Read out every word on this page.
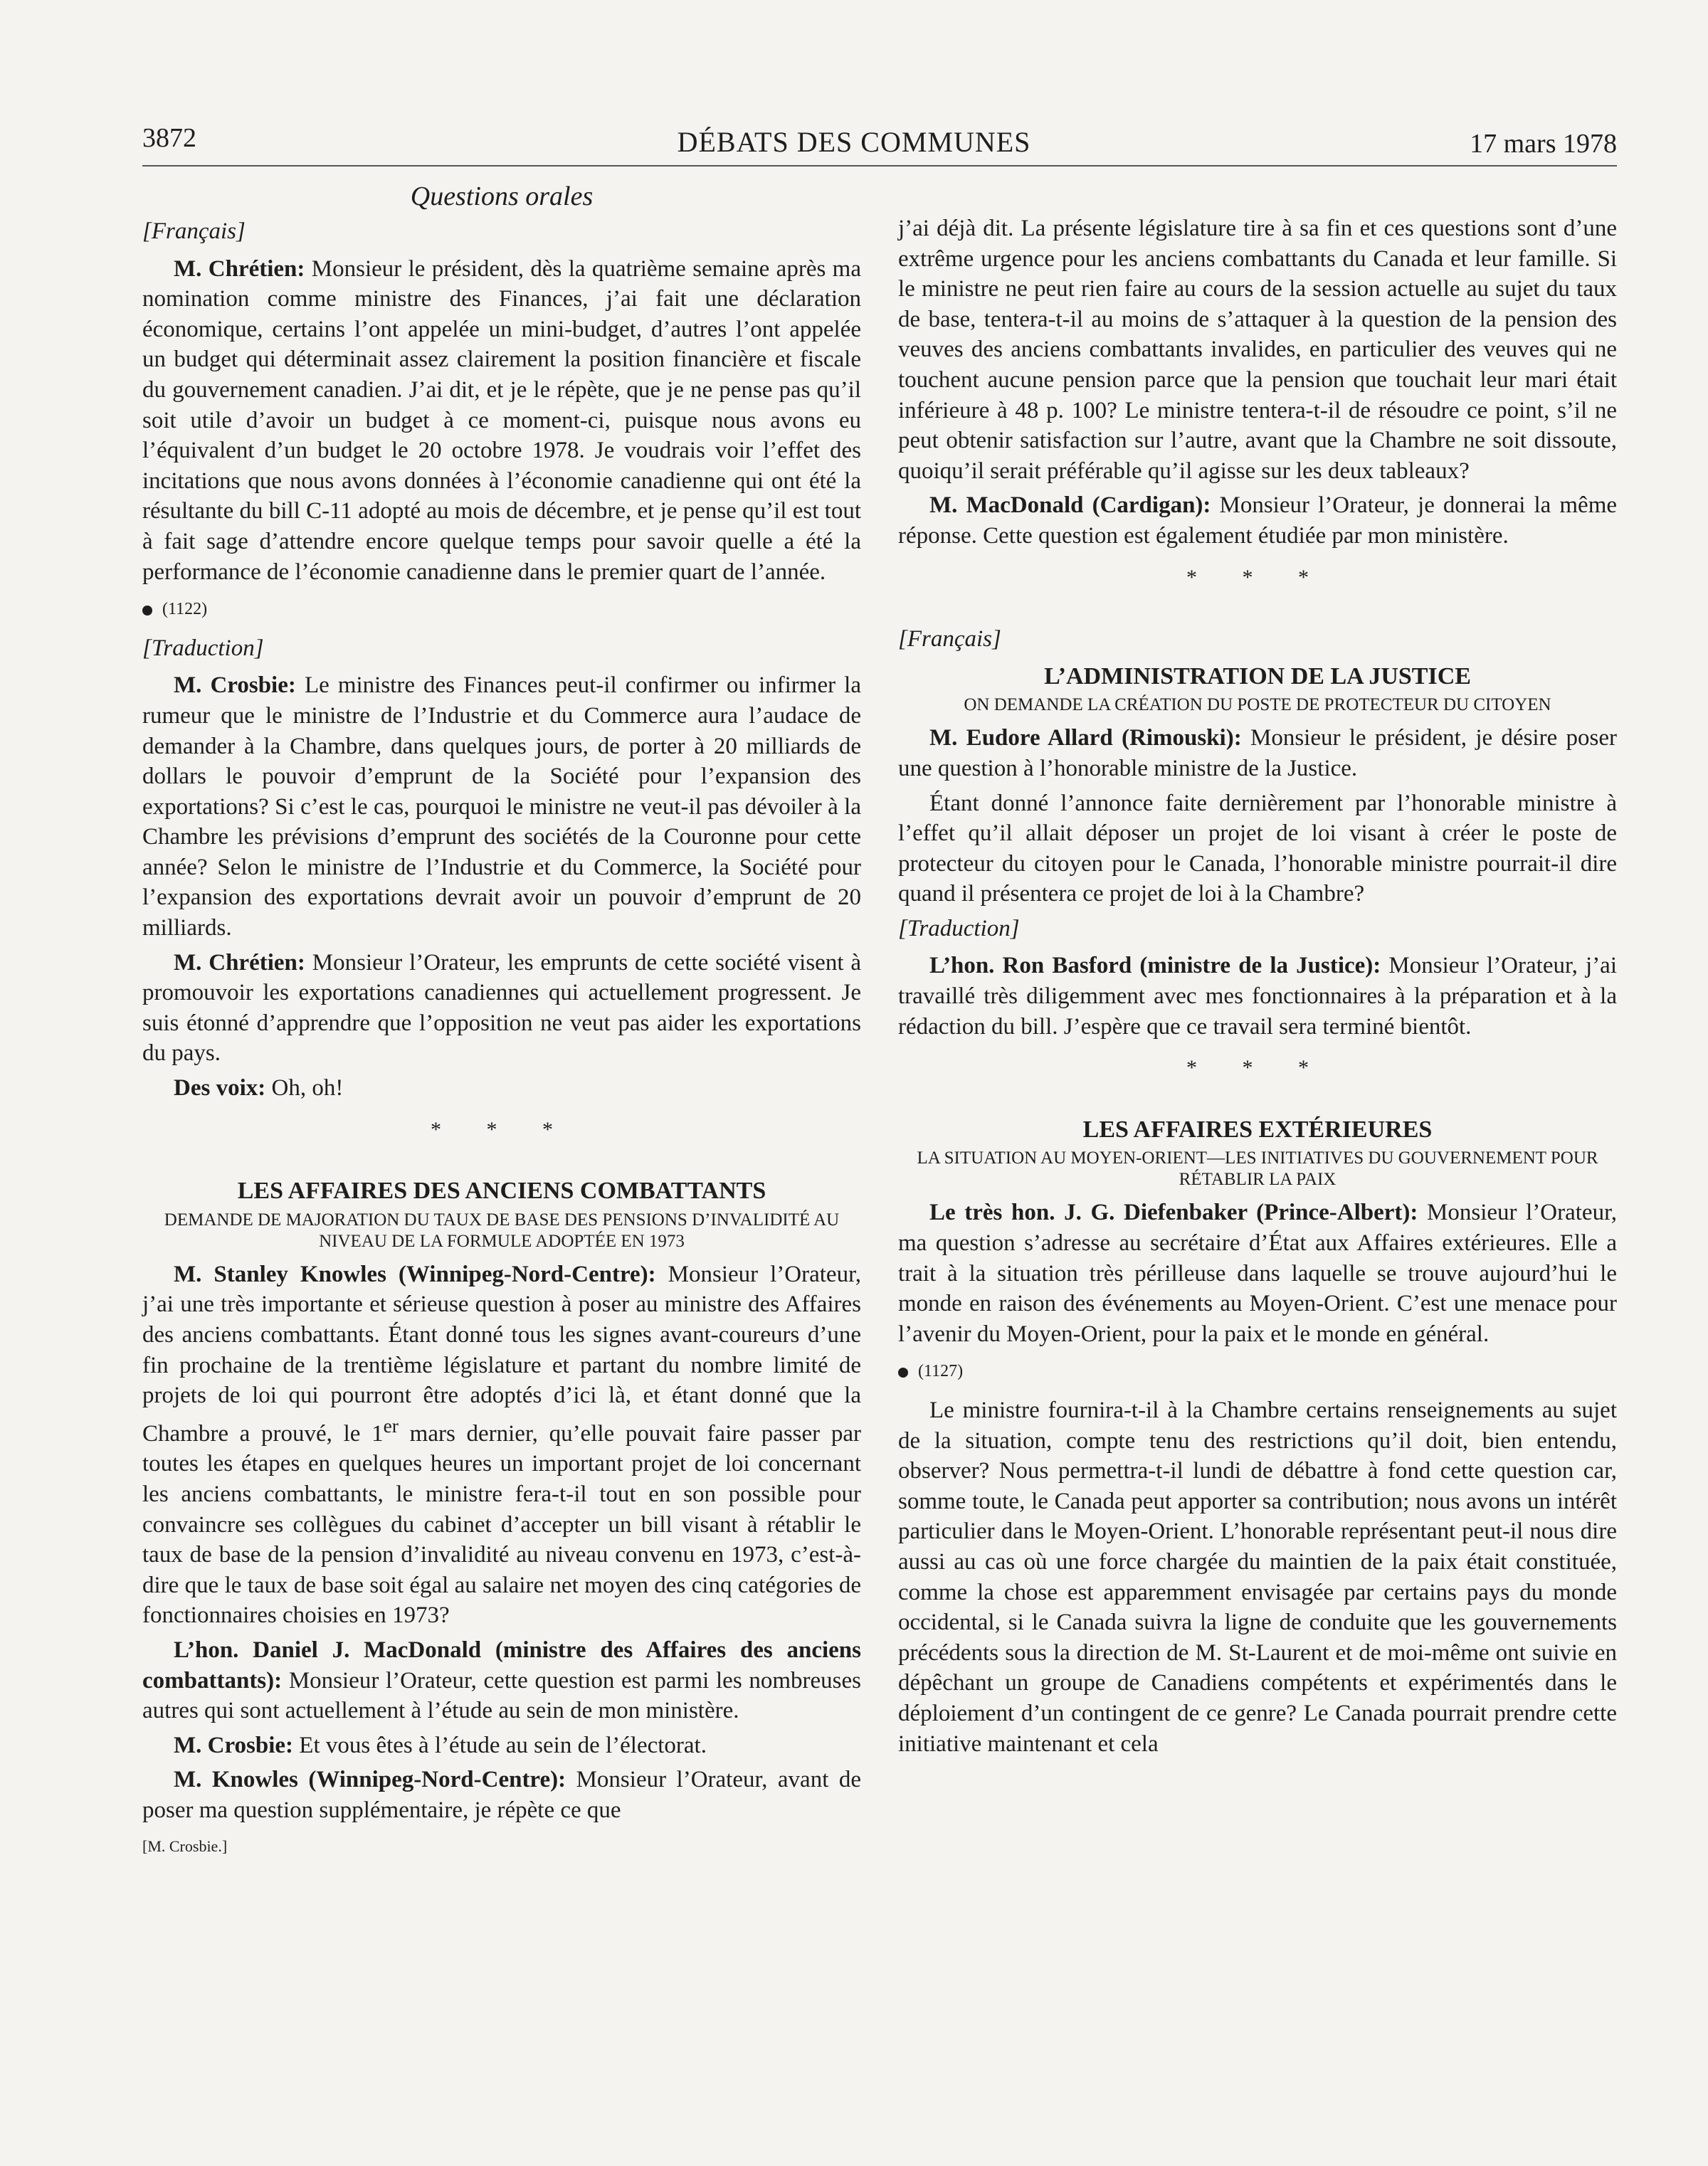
3872	DÉBATS DES COMMUNES	17 mars 1978
Questions orales
[Français]

M. Chrétien: Monsieur le président, dès la quatrième semaine après ma nomination comme ministre des Finances, j’ai fait une déclaration économique, certains l’ont appelée un mini-budget, d’autres l’ont appelée un budget qui déterminait assez clairement la position financière et fiscale du gouvernement canadien. J’ai dit, et je le répète, que je ne pense pas qu’il soit utile d’avoir un budget à ce moment-ci, puisque nous avons eu l’équivalent d’un budget le 20 octobre 1978. Je voudrais voir l’effet des incitations que nous avons données à l’économie canadienne qui ont été la résultante du bill C-11 adopté au mois de décembre, et je pense qu’il est tout à fait sage d’attendre encore quelque temps pour savoir quelle a été la performance de l’économie canadienne dans le premier quart de l’année.

(1122)
[Traduction]

M. Crosbie: Le ministre des Finances peut-il confirmer ou infirmer la rumeur que le ministre de l’Industrie et du Commerce aura l’audace de demander à la Chambre, dans quelques jours, de porter à 20 milliards de dollars le pouvoir d’emprunt de la Société pour l’expansion des exportations? Si c’est le cas, pourquoi le ministre ne veut-il pas dévoiler à la Chambre les prévisions d’emprunt des sociétés de la Couronne pour cette année? Selon le ministre de l’Industrie et du Commerce, la Société pour l’expansion des exportations devrait avoir un pouvoir d’emprunt de 20 milliards.

M. Chrétien: Monsieur l’Orateur, les emprunts de cette société visent à promouvoir les exportations canadiennes qui actuellement progressent. Je suis étonné d’apprendre que l’opposition ne veut pas aider les exportations du pays.

Des voix: Oh, oh!

* * *
LES AFFAIRES DES ANCIENS COMBATTANTS
DEMANDE DE MAJORATION DU TAUX DE BASE DES PENSIONS D’INVALIDITÉ AU NIVEAU DE LA FORMULE ADOPTÉE EN 1973

M. Stanley Knowles (Winnipeg-Nord-Centre): Monsieur l’Orateur, j’ai une très importante et sérieuse question à poser au ministre des Affaires des anciens combattants. Étant donné tous les signes avant-coureurs d’une fin prochaine de la trentième législature et partant du nombre limité de projets de loi qui pourront être adoptés d’ici là, et étant donné que la Chambre a prouvé, le 1er mars dernier, qu’elle pouvait faire passer par toutes les étapes en quelques heures un important projet de loi concernant les anciens combattants, le ministre fera-t-il tout en son possible pour convaincre ses collègues du cabinet d’accepter un bill visant à rétablir le taux de base de la pension d’invalidité au niveau convenu en 1973, c’est-à-dire que le taux de base soit égal au salaire net moyen des cinq catégories de fonctionnaires choisies en 1973?

L’hon. Daniel J. MacDonald (ministre des Affaires des anciens combattants): Monsieur l’Orateur, cette question est parmi les nombreuses autres qui sont actuellement à l’étude au sein de mon ministère.

M. Crosbie: Et vous êtes à l’étude au sein de l’électorat.

M. Knowles (Winnipeg-Nord-Centre): Monsieur l’Orateur, avant de poser ma question supplémentaire, je répète ce que

[M. Crosbie.]

j’ai déjà dit. La présente législature tire à sa fin et ces questions sont d’une extrême urgence pour les anciens combattants du Canada et leur famille. Si le ministre ne peut rien faire au cours de la session actuelle au sujet du taux de base, tentera-t-il au moins de s’attaquer à la question de la pension des veuves des anciens combattants invalides, en particulier des veuves qui ne touchent aucune pension parce que la pension que touchait leur mari était inférieure à 48 p. 100? Le ministre tentera-t-il de résoudre ce point, s’il ne peut obtenir satisfaction sur l’autre, avant que la Chambre ne soit dissoute, quoiqu’il serait préférable qu’il agisse sur les deux tableaux?

M. MacDonald (Cardigan): Monsieur l’Orateur, je donnerai la même réponse. Cette question est également étudiée par mon ministère.

* * *
[Français]
L’ADMINISTRATION DE LA JUSTICE
ON DEMANDE LA CRÉATION DU POSTE DE PROTECTEUR DU CITOYEN

M. Eudore Allard (Rimouski): Monsieur le président, je désire poser une question à l’honorable ministre de la Justice.

Étant donné l’annonce faite dernièrement par l’honorable ministre à l’effet qu’il allait déposer un projet de loi visant à créer le poste de protecteur du citoyen pour le Canada, l’honorable ministre pourrait-il dire quand il présentera ce projet de loi à la Chambre?

[Traduction]

L’hon. Ron Basford (ministre de la Justice): Monsieur l’Orateur, j’ai travaillé très diligemment avec mes fonctionnaires à la préparation et à la rédaction du bill. J’espère que ce travail sera terminé bientôt.

* * *
LES AFFAIRES EXTÉRIEURES
LA SITUATION AU MOYEN-ORIENT—LES INITIATIVES DU GOUVERNEMENT POUR RÉTABLIR LA PAIX

Le très hon. J. G. Diefenbaker (Prince-Albert): Monsieur l’Orateur, ma question s’adresse au secrétaire d’État aux Affaires extérieures. Elle a trait à la situation très périlleuse dans laquelle se trouve aujourd’hui le monde en raison des événements au Moyen-Orient. C’est une menace pour l’avenir du Moyen-Orient, pour la paix et le monde en général.

(1127)

Le ministre fournira-t-il à la Chambre certains renseignements au sujet de la situation, compte tenu des restrictions qu’il doit, bien entendu, observer? Nous permettra-t-il lundi de débattre à fond cette question car, somme toute, le Canada peut apporter sa contribution; nous avons un intérêt particulier dans le Moyen-Orient. L’honorable représentant peut-il nous dire aussi au cas où une force chargée du maintien de la paix était constituée, comme la chose est apparemment envisagée par certains pays du monde occidental, si le Canada suivra la ligne de conduite que les gouvernements précédents sous la direction de M. St-Laurent et de moi-même ont suivie en dépêchant un groupe de Canadiens compétents et expérimentés dans le déploiement d’un contingent de ce genre? Le Canada pourrait prendre cette initiative maintenant et cela
